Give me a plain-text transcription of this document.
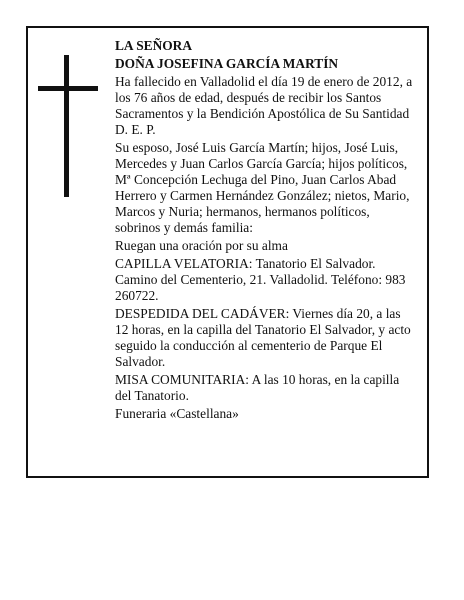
LA SEÑORA

DOÑA JOSEFINA GARCÍA MARTÍN

Ha fallecido en Valladolid el día 19 de enero de 2012, a los 76 años de edad, después de recibir los Santos Sacramentos y la Bendición Apostólica de Su Santidad D. E. P.

Su esposo, José Luis García Martín; hijos, José Luis, Mercedes y Juan Carlos García García; hijos políticos, Mª Concepción Lechuga del Pino, Juan Carlos Abad Herrero y Carmen Hernández González; nietos, Mario, Marcos y Nuria; hermanos, hermanos políticos, sobrinos y demás familia:

Ruegan una oración por su alma

CAPILLA VELATORIA: Tanatorio El Salvador. Camino del Cementerio, 21. Valladolid. Teléfono: 983 260722.

DESPEDIDA DEL CADÁVER: Viernes día 20, a las 12 horas, en la capilla del Tanatorio El Salvador, y acto seguido la conducción al cementerio de Parque El Salvador.

MISA COMUNITARIA: A las 10 horas, en la capilla del Tanatorio.

Funeraria «Castellana»
